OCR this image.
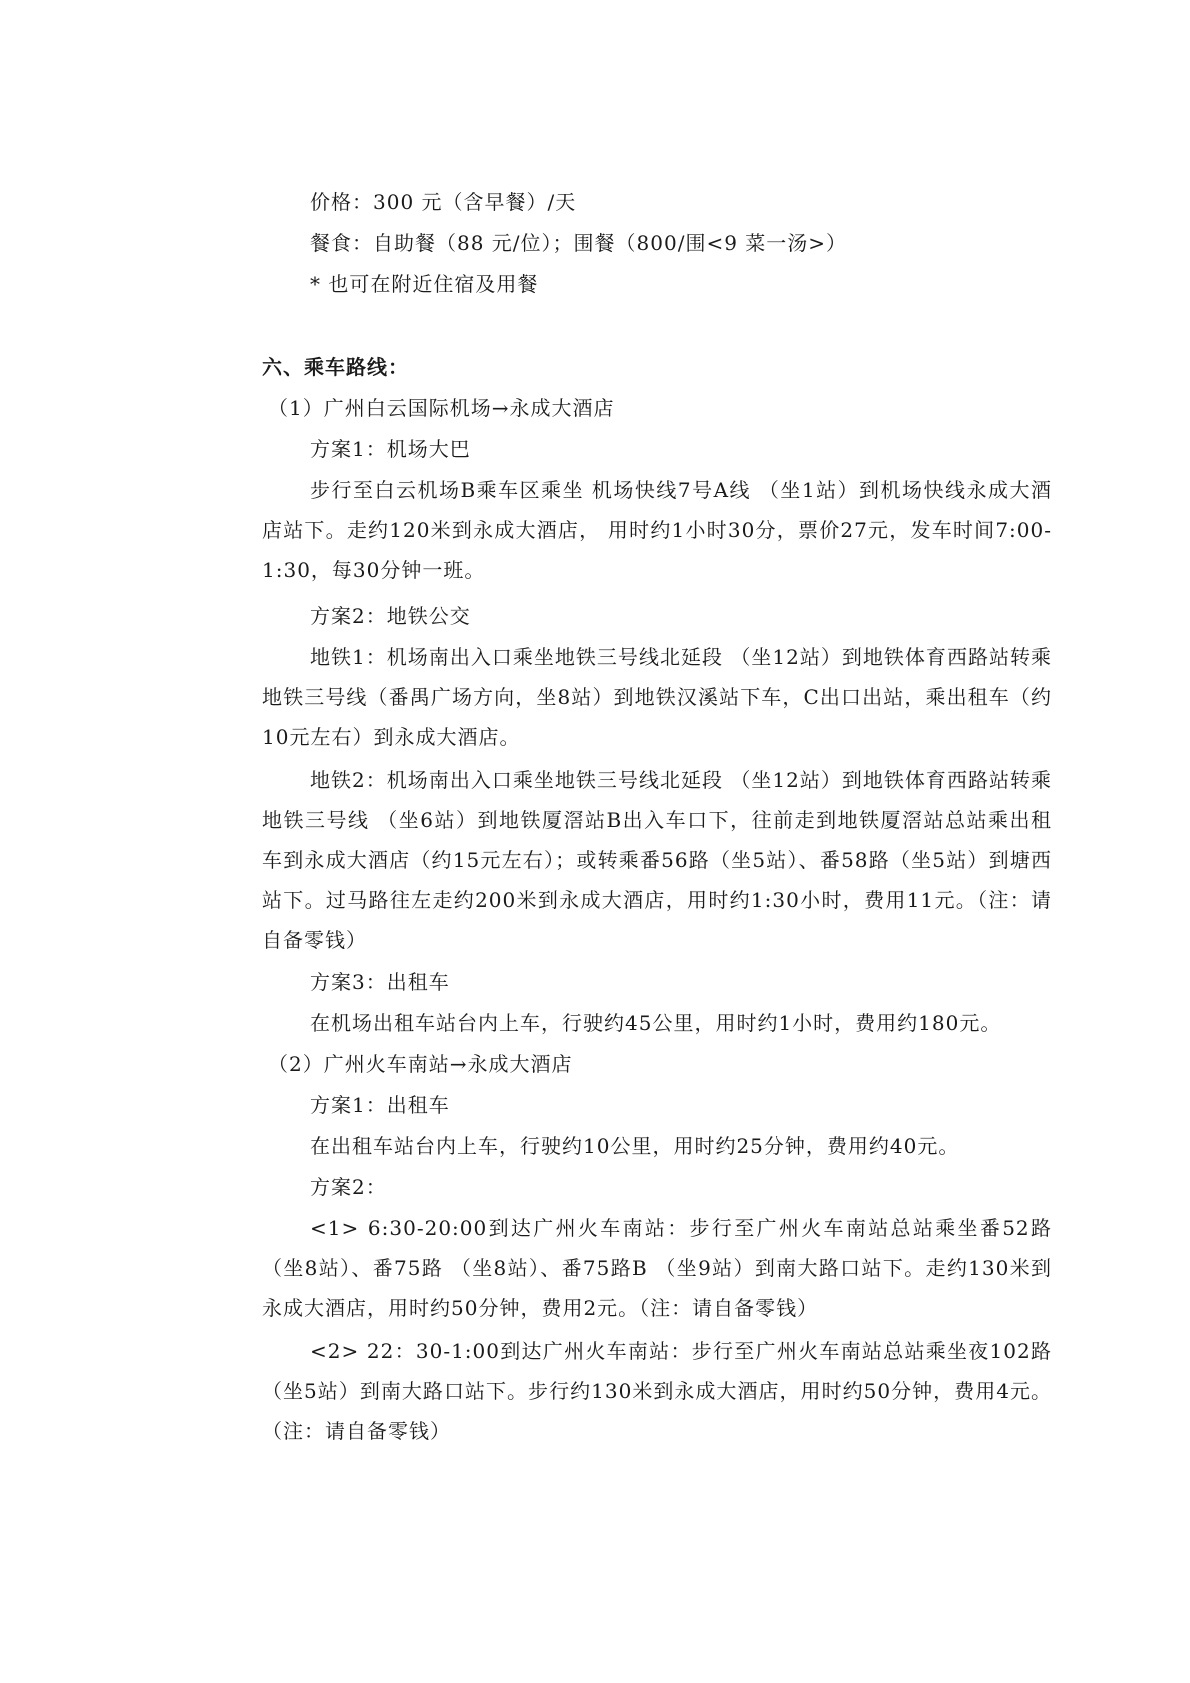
价格：300 元（含早餐）/天
餐食：自助餐（88 元/位）；围餐（800/围<9 菜一汤>）
* 也可在附近住宿及用餐
六、乘车路线：
（1）广州白云国际机场→永成大酒店
方案1：机场大巴

步行至白云机场B乘车区乘坐 机场快线7号A线 （坐1站）到机场快线永成大酒店站下。走约120米到永成大酒店， 用时约1小时30分，票价27元，发车时间7:00-1:30，每30分钟一班。

方案2：地铁公交

地铁1：机场南出入口乘坐地铁三号线北延段 （坐12站）到地铁体育西路站转乘地铁三号线（番禺广场方向，坐8站）到地铁汉溪站下车，C出口出站，乘出租车（约10元左右）到永成大酒店。

地铁2：机场南出入口乘坐地铁三号线北延段 （坐12站）到地铁体育西路站转乘地铁三号线 （坐6站）到地铁厦滘站B出入车口下，往前走到地铁厦滘站总站乘出租车到永成大酒店（约15元左右）；或转乘番56路（坐5站）、番58路（坐5站）到塘西站下。过马路往左走约200米到永成大酒店，用时约1:30小时，费用11元。（注：请自备零钱）

方案3：出租车
在机场出租车站台内上车，行驶约45公里，用时约1小时，费用约180元。
（2）广州火车南站→永成大酒店
方案1：出租车
在出租车站台内上车，行驶约10公里，用时约25分钟，费用约40元。
方案2：

<1> 6:30-20:00到达广州火车南站：步行至广州火车南站总站乘坐番52路（坐8站）、番75路 （坐8站）、番75路B （坐9站）到南大路口站下。走约130米到永成大酒店，用时约50分钟，费用2元。（注：请自备零钱）

<2> 22：30-1:00到达广州火车南站：步行至广州火车南站总站乘坐夜102路（坐5站）到南大路口站下。步行约130米到永成大酒店，用时约50分钟，费用4元。（注：请自备零钱）
